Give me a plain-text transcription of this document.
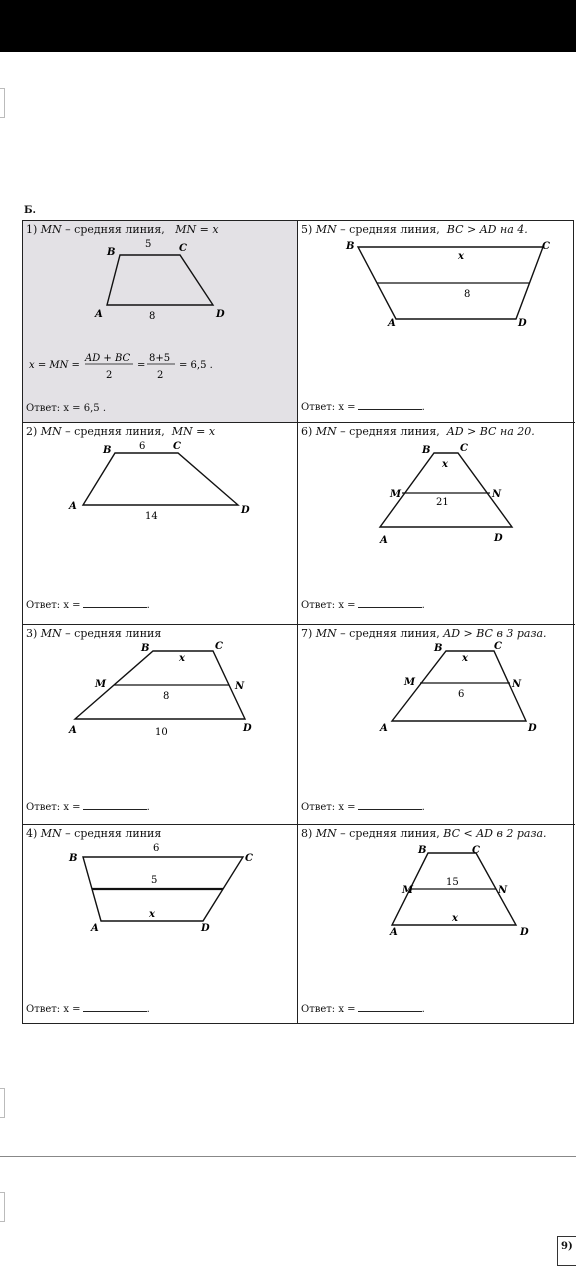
Б.
1) MN – средняя линия, MN = x
B	C
A	D
5
8
x = MN =
AD + BC
2
=
8+5
2
= 6,5 .
Ответ: x = 6,5 .
5) MN – средняя линия, BC > AD на 4.
B	C
A	D
x
8
Ответ: x =	.
2) MN – средняя линия, MN = x
B	C
A	D
6
14
Ответ: x =	.
6) MN – средняя линия, AD > BC на 20.
B	C
M	N
A	D
x
21
Ответ: x =	.
3) MN – средняя линия
B	C
M	N
A	D
x
8
10
Ответ: x =	.
7) MN – средняя линия, AD > BC в 3 раза.
B	C
M	N
A	D
x
6
Ответ: x =	.
4) MN – средняя линия
B	C
A	D
6
5
x
Ответ: x =	.
8) MN – средняя линия, BC < AD в 2 раза.
B	C
M	N
A	D
15
x
Ответ: x =	.
9)
